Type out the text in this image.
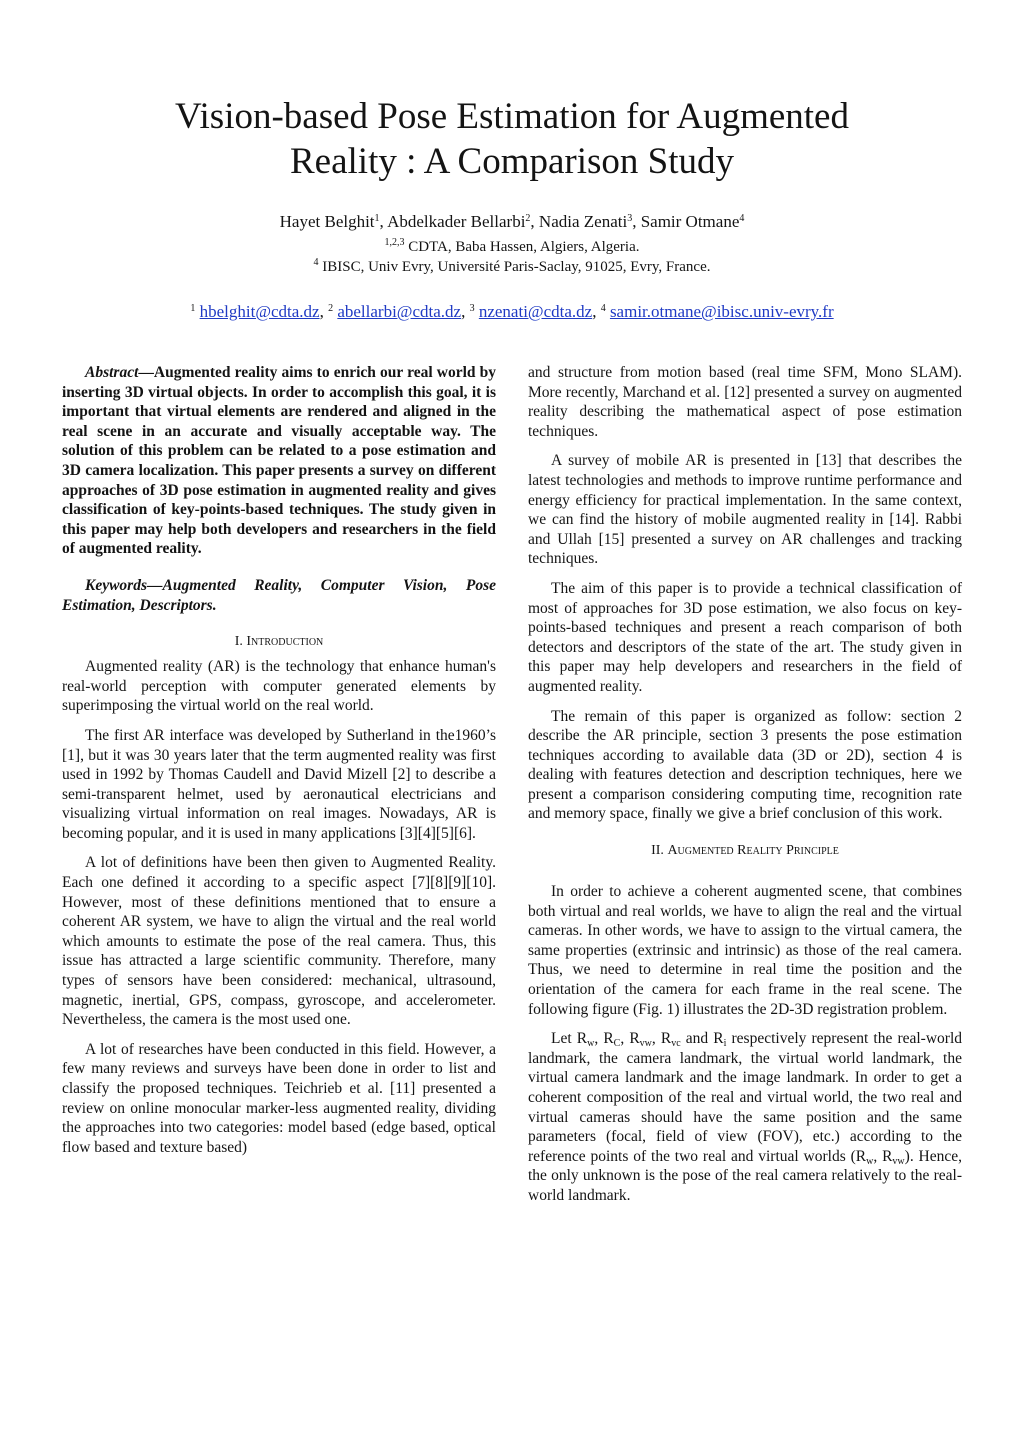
Vision-based Pose Estimation for Augmented
Reality : A Comparison Study
Hayet Belghit$^1$, Abdelkader Bellarbi$^2$, Nadia Zenati$^3$, Samir Otmane$^4$
$^{1,2,3}$ CDTA, Baba Hassen, Algiers, Algeria.
$^4$ IBISC, Univ Evry, Université Paris-Saclay, 91025, Evry, France.
$^1$ hbelghit@cdta.dz, $^2$ abellarbi@cdta.dz, $^3$ nzenati@cdta.dz, $^4$ samir.otmane@ibisc.univ-evry.fr

Abstract—Augmented reality aims to enrich our real world by inserting 3D virtual objects. In order to accomplish this goal, it is important that virtual elements are rendered and aligned in the real scene in an accurate and visually acceptable way. The solution of this problem can be related to a pose estimation and 3D camera localization. This paper presents a survey on different approaches of 3D pose estimation in augmented reality and gives classification of key-points-based techniques. The study given in this paper may help both developers and researchers in the field of augmented reality.

Keywords—Augmented Reality, Computer Vision, Pose Estimation, Descriptors.

I. Introduction

Augmented reality (AR) is the technology that enhance human's real-world perception with computer generated elements by superimposing the virtual world on the real world.

The first AR interface was developed by Sutherland in the1960’s [1], but it was 30 years later that the term augmented reality was first used in 1992 by Thomas Caudell and David Mizell [2] to describe a semi-transparent helmet, used by aeronautical electricians and visualizing virtual information on real images. Nowadays, AR is becoming popular, and it is used in many applications [3][4][5][6].

A lot of definitions have been then given to Augmented Reality. Each one defined it according to a specific aspect [7][8][9][10]. However, most of these definitions mentioned that to ensure a coherent AR system, we have to align the virtual and the real world which amounts to estimate the pose of the real camera. Thus, this issue has attracted a large scientific community. Therefore, many types of sensors have been considered: mechanical, ultrasound, magnetic, inertial, GPS, compass, gyroscope, and accelerometer. Nevertheless, the camera is the most used one.

A lot of researches have been conducted in this field. However, a few many reviews and surveys have been done in order to list and classify the proposed techniques. Teichrieb et al. [11] presented a review on online monocular marker-less augmented reality, dividing the approaches into two categories: model based (edge based, optical flow based and texture based)

and structure from motion based (real time SFM, Mono SLAM). More recently, Marchand et al. [12] presented a survey on augmented reality describing the mathematical aspect of pose estimation techniques.

A survey of mobile AR is presented in [13] that describes the latest technologies and methods to improve runtime performance and energy efficiency for practical implementation. In the same context, we can find the history of mobile augmented reality in [14]. Rabbi and Ullah [15] presented a survey on AR challenges and tracking techniques.

The aim of this paper is to provide a technical classification of most of approaches for 3D pose estimation, we also focus on key-points-based techniques and present a reach comparison of both detectors and descriptors of the state of the art. The study given in this paper may help developers and researchers in the field of augmented reality.

The remain of this paper is organized as follow: section 2 describe the AR principle, section 3 presents the pose estimation techniques according to available data (3D or 2D), section 4 is dealing with features detection and description techniques, here we present a comparison considering computing time, recognition rate and memory space, finally we give a brief conclusion of this work.

II. Augmented Reality Principle

In order to achieve a coherent augmented scene, that combines both virtual and real worlds, we have to align the real and the virtual cameras. In other words, we have to assign to the virtual camera, the same properties (extrinsic and intrinsic) as those of the real camera. Thus, we need to determine in real time the position and the orientation of the camera for each frame in the real scene. The following figure (Fig. 1) illustrates the 2D-3D registration problem.

Let $R_w$, $R_C$, $R_{vw}$, $R_{vc}$ and $R_i$ respectively represent the real-world landmark, the camera landmark, the virtual world landmark, the virtual camera landmark and the image landmark. In order to get a coherent composition of the real and virtual world, the two real and virtual cameras should have the same position and the same parameters (focal, field of view (FOV), etc.) according to the reference points of the two real and virtual worlds ($R_w$, $R_{vw}$). Hence, the only unknown is the pose of the real camera relatively to the real-world landmark.
